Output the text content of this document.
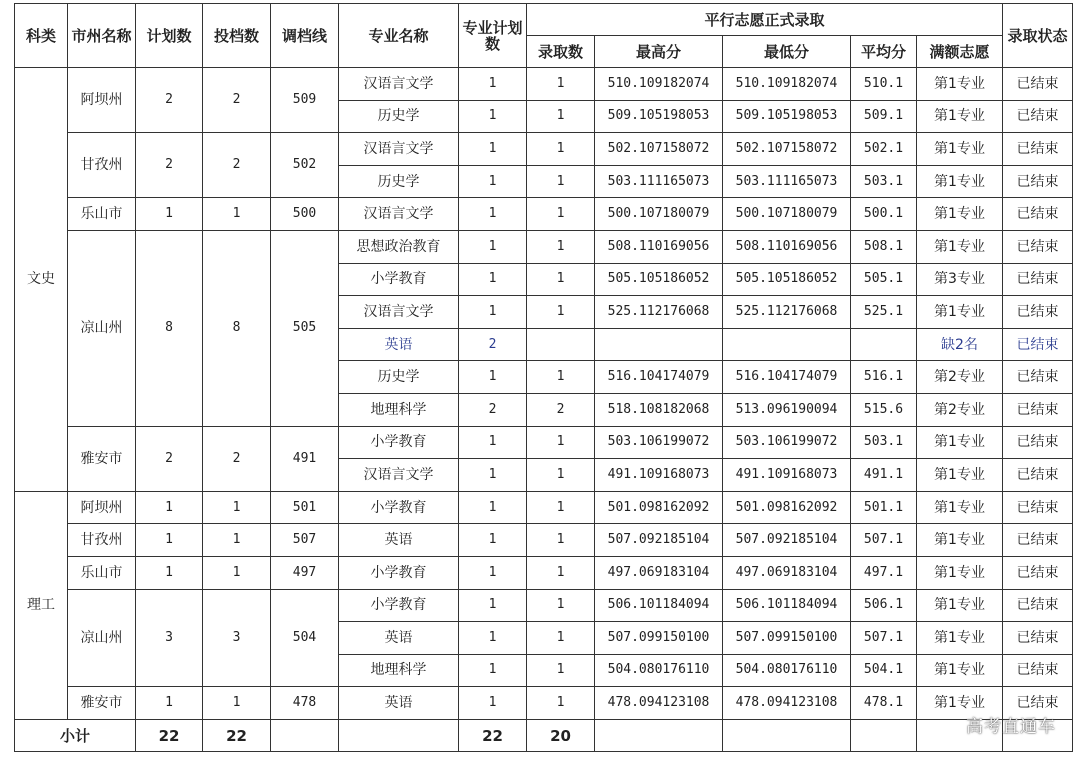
科类	市州名称	计划数	投档数	调档线	专业名称	专业计划数	平行志愿正式录取					录取状态
							录取数	最高分	最低分	平均分	满额志愿	
文史	阿坝州	2	2	509	汉语言文学	1	1	510.109182074	510.109182074	510.1	第1专业	已结束
					历史学	1	1	509.105198053	509.105198053	509.1	第1专业	已结束
	甘孜州	2	2	502	汉语言文学	1	1	502.107158072	502.107158072	502.1	第1专业	已结束
					历史学	1	1	503.111165073	503.111165073	503.1	第1专业	已结束
	乐山市	1	1	500	汉语言文学	1	1	500.107180079	500.107180079	500.1	第1专业	已结束
	凉山州	8	8	505	思想政治教育	1	1	508.110169056	508.110169056	508.1	第1专业	已结束
					小学教育	1	1	505.105186052	505.105186052	505.1	第3专业	已结束
					汉语言文学	1	1	525.112176068	525.112176068	525.1	第1专业	已结束
					英语	2					缺2名	已结束
					历史学	1	1	516.104174079	516.104174079	516.1	第2专业	已结束
					地理科学	2	2	518.108182068	513.096190094	515.6	第2专业	已结束
	雅安市	2	2	491	小学教育	1	1	503.106199072	503.106199072	503.1	第1专业	已结束
					汉语言文学	1	1	491.109168073	491.109168073	491.1	第1专业	已结束
理工	阿坝州	1	1	501	小学教育	1	1	501.098162092	501.098162092	501.1	第1专业	已结束
	甘孜州	1	1	507	英语	1	1	507.092185104	507.092185104	507.1	第1专业	已结束
	乐山市	1	1	497	小学教育	1	1	497.069183104	497.069183104	497.1	第1专业	已结束
	凉山州	3	3	504	小学教育	1	1	506.101184094	506.101184094	506.1	第1专业	已结束
					英语	1	1	507.099150100	507.099150100	507.1	第1专业	已结束
					地理科学	1	1	504.080176110	504.080176110	504.1	第1专业	已结束
	雅安市	1	1	478	英语	1	1	478.094123108	478.094123108	478.1	第1专业	已结束
小计		22	22			22	20						高考直通车
